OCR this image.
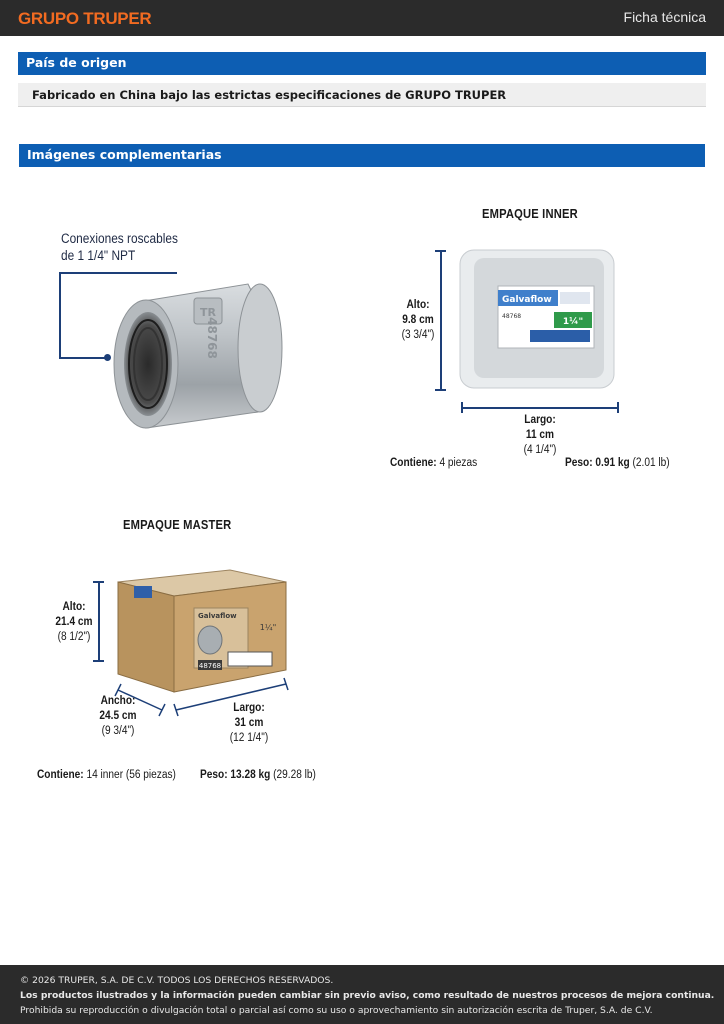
GRUPO TRUPER	Ficha técnica
País de origen
Fabricado en China bajo las estrictas especificaciones de GRUPO TRUPER
Imágenes complementarias
Conexiones roscables
de 1 1/4" NPT
TR
48768
EMPAQUE INNER
Galvaflow
1¼"
48768
Alto:
9.8 cm
(3 3/4")
Largo:
11 cm
(4 1/4")
Contiene: 4 piezas	Peso: 0.91 kg (2.01 lb)
EMPAQUE MASTER
Galvaflow
1¼"
48768
Alto:
21.4 cm
(8 1/2")
Ancho:
24.5 cm
(9 3/4")
Largo:
31 cm
(12 1/4")
Contiene: 14 inner (56 piezas) Peso: 13.28 kg (29.28 lb)
© 2026 TRUPER, S.A. DE C.V. TODOS LOS DERECHOS RESERVADOS.
Los productos ilustrados y la información pueden cambiar sin previo aviso, como resultado de nuestros procesos de mejora continua.
Prohibida su reproducción o divulgación total o parcial así como su uso o aprovechamiento sin autorización escrita de Truper, S.A. de C.V.
